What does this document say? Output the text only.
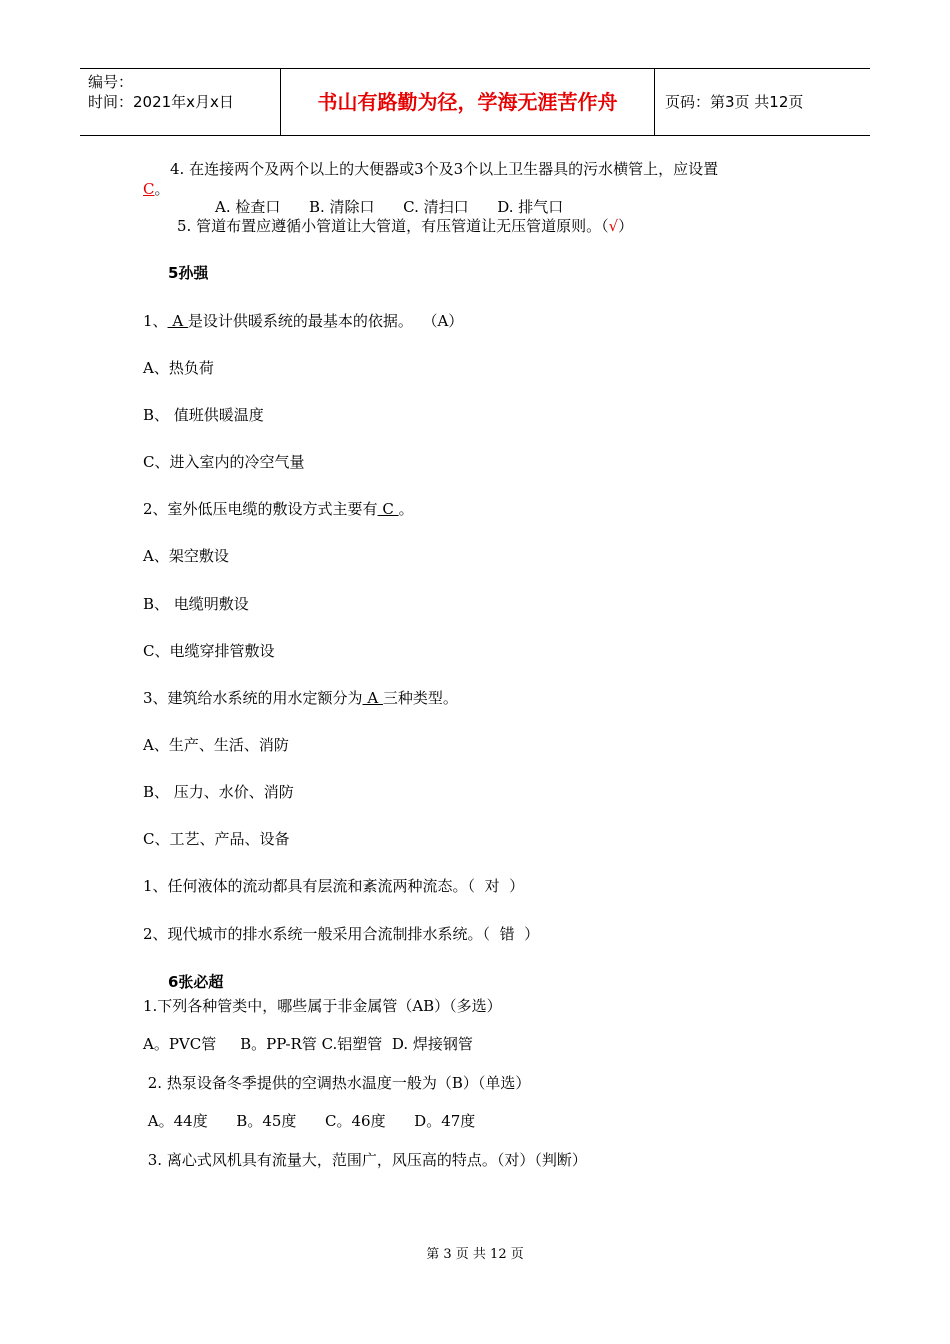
编号：
时间：2021年x月x日	书山有路勤为径，学海无涯苦作舟	页码：第3页 共12页
4. 在连接两个及两个以上的大便器或3个及3个以上卫生器具的污水横管上，应设置
C。
A. 检查口      B. 清除口      C. 清扫口      D. 排气口
5. 管道布置应遵循小管道让大管道，有压管道让无压管道原则。（√）
5孙强
1、 A 是设计供暖系统的最基本的依据。  （A）
A、热负荷
B、 值班供暖温度
C、进入室内的冷空气量
2、室外低压电缆的敷设方式主要有 C 。
A、架空敷设
B、 电缆明敷设
C、电缆穿排管敷设
3、建筑给水系统的用水定额分为 A 三种类型。
A、生产、生活、消防
B、 压力、水价、消防
C、工艺、产品、设备
1、任何液体的流动都具有层流和紊流两种流态。（  对  ）
2、现代城市的排水系统一般采用合流制排水系统。（  错  ）
6张必超
1.下列各种管类中，哪些属于非金属管（AB）（多选）
A。PVC管     B。PP-R管 C.铝塑管  D. 焊接钢管
2. 热泵设备冬季提供的空调热水温度一般为（B）（单选）
A。44度      B。45度      C。46度      D。47度
3. 离心式风机具有流量大，范围广，风压高的特点。（对）（判断）
第 3 页 共 12 页
